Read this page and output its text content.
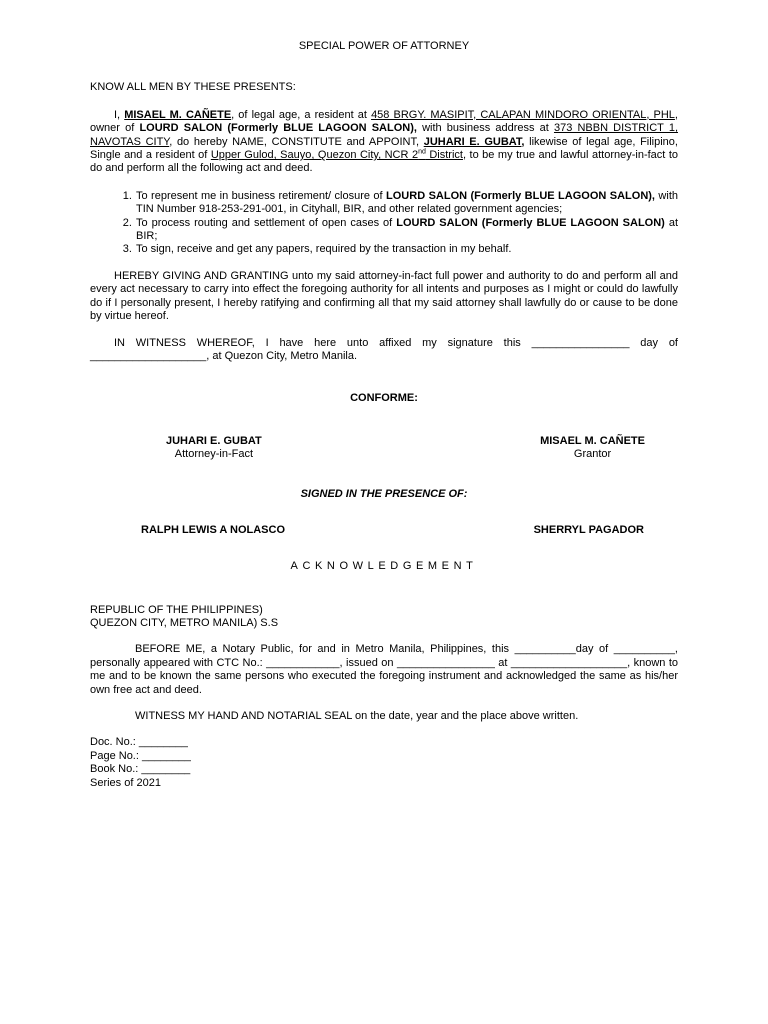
SPECIAL POWER OF ATTORNEY

KNOW ALL MEN BY THESE PRESENTS:

I, MISAEL M. CAÑETE, of legal age, a resident at 458 BRGY. MASIPIT, CALAPAN MINDORO ORIENTAL, PHL, owner of LOURD SALON (Formerly BLUE LAGOON SALON), with business address at 373 NBBN DISTRICT 1, NAVOTAS CITY, do hereby NAME, CONSTITUTE and APPOINT, JUHARI E. GUBAT, likewise of legal age, Filipino, Single and a resident of Upper Gulod, Sauyo, Quezon City, NCR 2nd District, to be my true and lawful attorney-in-fact to do and perform all the following act and deed.

1. To represent me in business retirement/ closure of LOURD SALON (Formerly BLUE LAGOON SALON), with TIN Number 918-253-291-001, in Cityhall, BIR, and other related government agencies;
2. To process routing and settlement of open cases of LOURD SALON (Formerly BLUE LAGOON SALON) at BIR;
3. To sign, receive and get any papers, required by the transaction in my behalf.

HEREBY GIVING AND GRANTING unto my said attorney-in-fact full power and authority to do and perform all and every act necessary to carry into effect the foregoing authority for all intents and purposes as I might or could do lawfully do if I personally present, I hereby ratifying and confirming all that my said attorney shall lawfully do or cause to be done by virtue hereof.

IN WITNESS WHEREOF, I have here unto affixed my signature this ________________ day of ___________________, at Quezon City, Metro Manila.

CONFORME:

JUHARI E. GUBAT
Attorney-in-Fact
MISAEL M. CAÑETE
Grantor

SIGNED IN THE PRESENCE OF:

RALPH LEWIS A NOLASCO	SHERRYL PAGADOR

ACKNOWLEDGEMENT

REPUBLIC OF THE PHILIPPINES)

QUEZON CITY, METRO MANILA) S.S

BEFORE ME, a Notary Public, for and in Metro Manila, Philippines, this __________day of __________, personally appeared with CTC No.: ____________, issued on ________________ at ___________________, known to me and to be known the same persons who executed the foregoing instrument and acknowledged the same as his/her own free act and deed.

WITNESS MY HAND AND NOTARIAL SEAL on the date, year and the place above written.

Doc. No.: ________

Page No.: ________

Book No.: ________

Series of 2021
